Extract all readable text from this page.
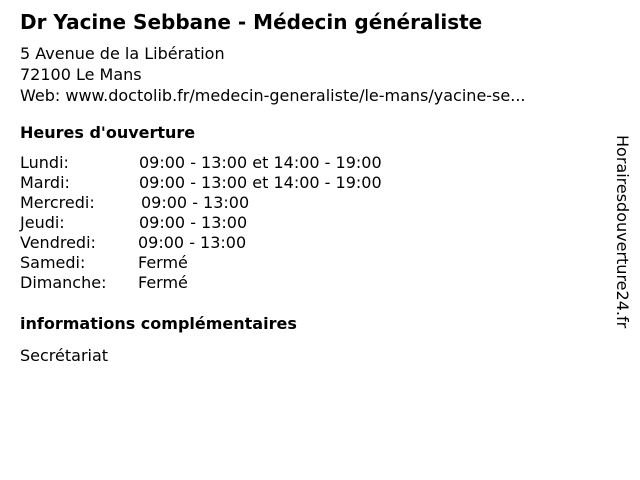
Dr Yacine Sebbane - Médecin généraliste
5 Avenue de la Libération
72100 Le Mans
Web: www.doctolib.fr/medecin-generaliste/le-mans/yacine-se...
Heures d'ouverture
Lundi:	09:00 - 13:00 et 14:00 - 19:00
Mardi:	09:00 - 13:00 et 14:00 - 19:00
Mercredi:	09:00 - 13:00
Jeudi:	09:00 - 13:00
Vendredi:	09:00 - 13:00
Samedi:	Fermé
Dimanche: Fermé
informations complémentaires
Secrétariat
Horairesdouverture24.fr
